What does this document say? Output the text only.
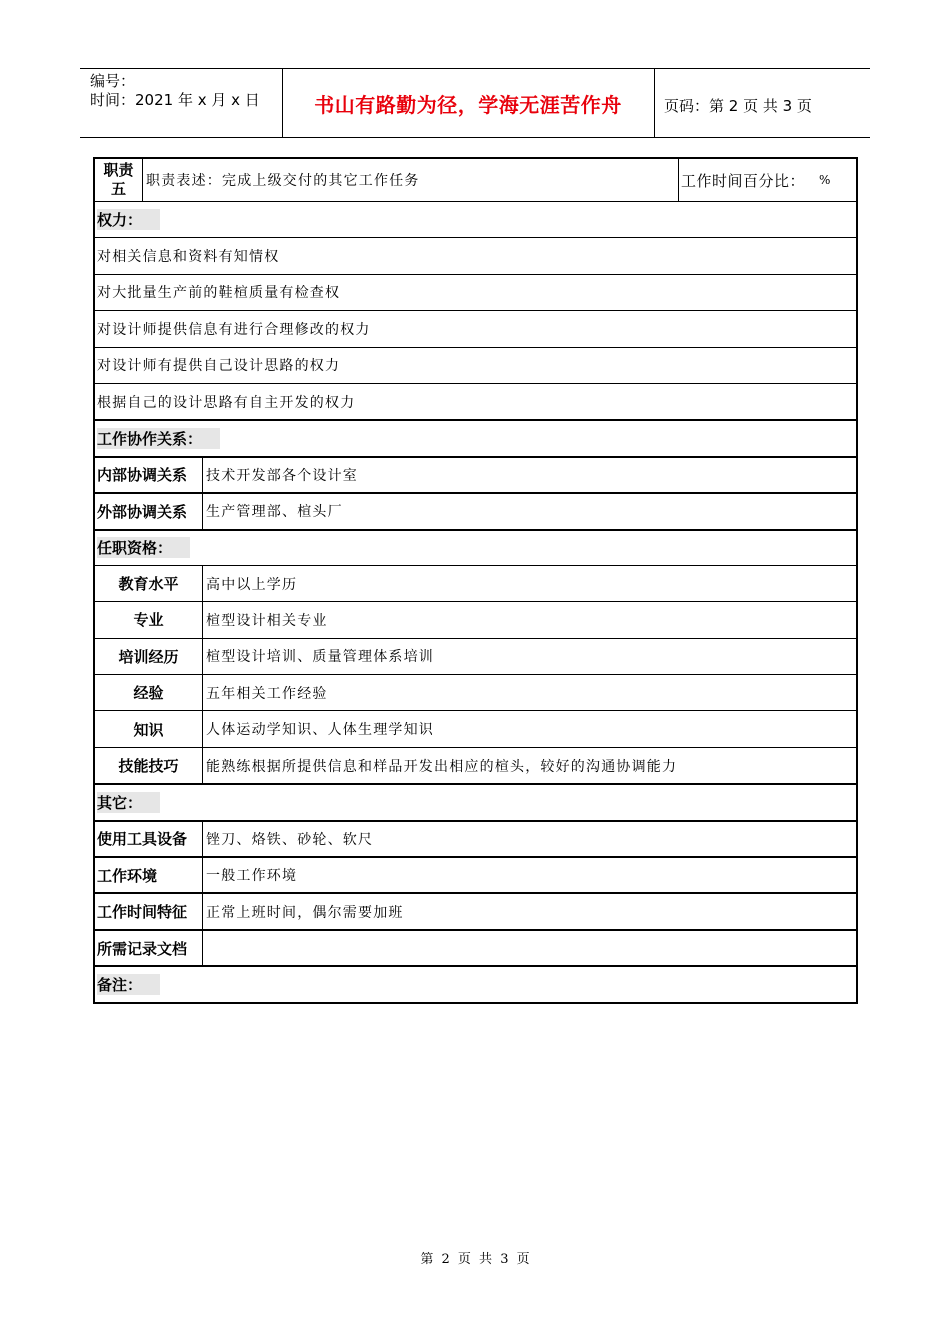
编号：
时间：2021 年 x 月 x 日	书山有路勤为径，学海无涯苦作舟	页码：第 2 页 共 3 页
职责
五 职责表述：完成上级交付的其它工作任务	工作时间百分比： %
权力：
对相关信息和资料有知情权
对大批量生产前的鞋楦质量有检查权
对设计师提供信息有进行合理修改的权力
对设计师有提供自己设计思路的权力
根据自己的设计思路有自主开发的权力
工作协作关系：
内部协调关系	技术开发部各个设计室
外部协调关系	生产管理部、楦头厂
任职资格：
教育水平	高中以上学历
专业	楦型设计相关专业
培训经历	楦型设计培训、质量管理体系培训
经验	五年相关工作经验
知识	人体运动学知识、人体生理学知识
技能技巧	能熟练根据所提供信息和样品开发出相应的楦头，较好的沟通协调能力
其它：
使用工具设备	锉刀、烙铁、砂轮、软尺
工作环境	一般工作环境
工作时间特征	正常上班时间，偶尔需要加班
所需记录文档
备注：
第 2 页 共 3 页
